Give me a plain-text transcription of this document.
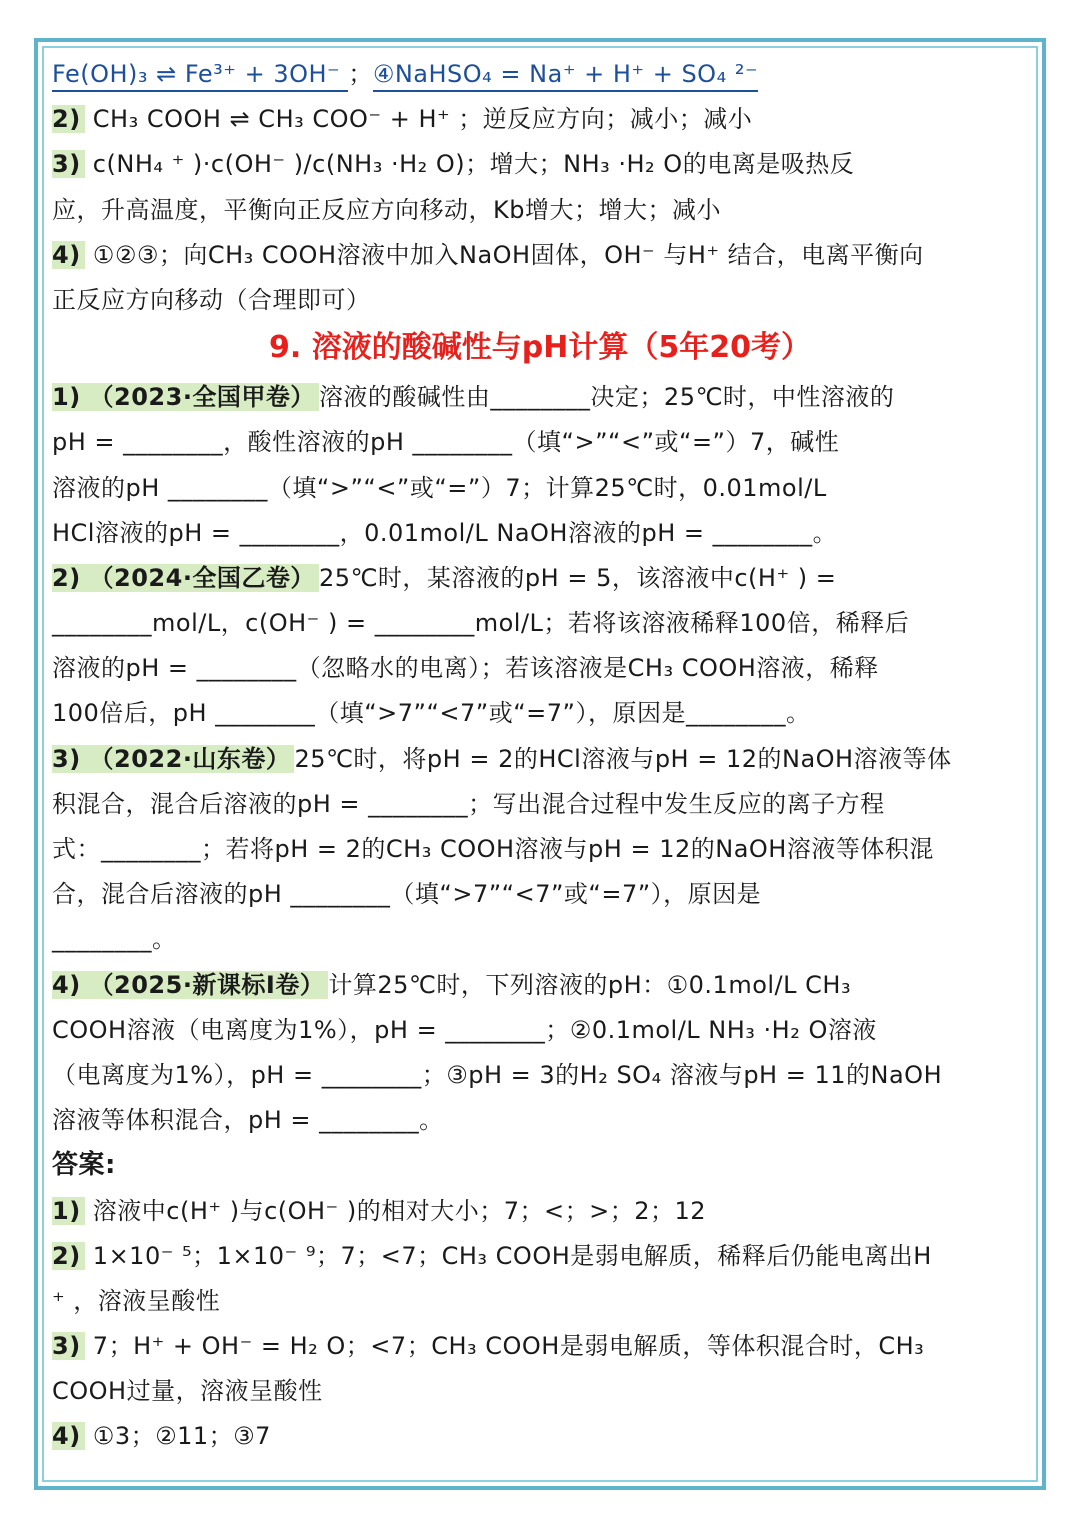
Fe(OH)₃ ⇌ Fe³⁺ + 3OH⁻ ；④NaHSO₄ = Na⁺ + H⁺ + SO₄ ²⁻
2) CH₃ COOH ⇌ CH₃ COO⁻ + H⁺ ；逆反应方向；减小；减小
3) c(NH₄ ⁺ )·c(OH⁻ )/c(NH₃ ·H₂ O)；增大；NH₃ ·H₂ O的电离是吸热反
应，升高温度，平衡向正反应方向移动，Kb增大；增大；减小
4) ①②③；向CH₃ COOH溶液中加入NaOH固体，OH⁻ 与H⁺ 结合，电离平衡向
正反应方向移动（合理即可）
9. 溶液的酸碱性与pH计算（5年20考）
1) （2023·全国甲卷） 溶液的酸碱性由________决定；25℃时，中性溶液的
pH = ________，酸性溶液的pH ________（填“>”“<”或“=”）7，碱性
溶液的pH ________（填“>”“<”或“=”）7；计算25℃时，0.01mol/L
HCl溶液的pH = ________，0.01mol/L NaOH溶液的pH = ________。
2) （2024·全国乙卷） 25℃时，某溶液的pH = 5，该溶液中c(H⁺ ) =
________mol/L，c(OH⁻ ) = ________mol/L；若将该溶液稀释100倍，稀释后
溶液的pH = ________（忽略水的电离）；若该溶液是CH₃ COOH溶液，稀释
100倍后，pH ________（填“>7”“<7”或“=7”），原因是________。
3) （2022·山东卷） 25℃时，将pH = 2的HCl溶液与pH = 12的NaOH溶液等体
积混合，混合后溶液的pH = ________；写出混合过程中发生反应的离子方程
式：________；若将pH = 2的CH₃ COOH溶液与pH = 12的NaOH溶液等体积混
合，混合后溶液的pH ________（填“>7”“<7”或“=7”），原因是
________。
4) （2025·新课标Ⅰ卷） 计算25℃时，下列溶液的pH：①0.1mol/L CH₃
COOH溶液（电离度为1%），pH = ________；②0.1mol/L NH₃ ·H₂ O溶液
（电离度为1%），pH = ________；③pH = 3的H₂ SO₄ 溶液与pH = 11的NaOH
溶液等体积混合，pH = ________。
答案:
1) 溶液中c(H⁺ )与c(OH⁻ )的相对大小；7；<；>；2；12
2) 1×10⁻ ⁵；1×10⁻ ⁹；7；<7；CH₃ COOH是弱电解质，稀释后仍能电离出H
⁺ ，溶液呈酸性
3) 7；H⁺ + OH⁻ = H₂ O；<7；CH₃ COOH是弱电解质，等体积混合时，CH₃
COOH过量，溶液呈酸性
4) ①3；②11；③7
